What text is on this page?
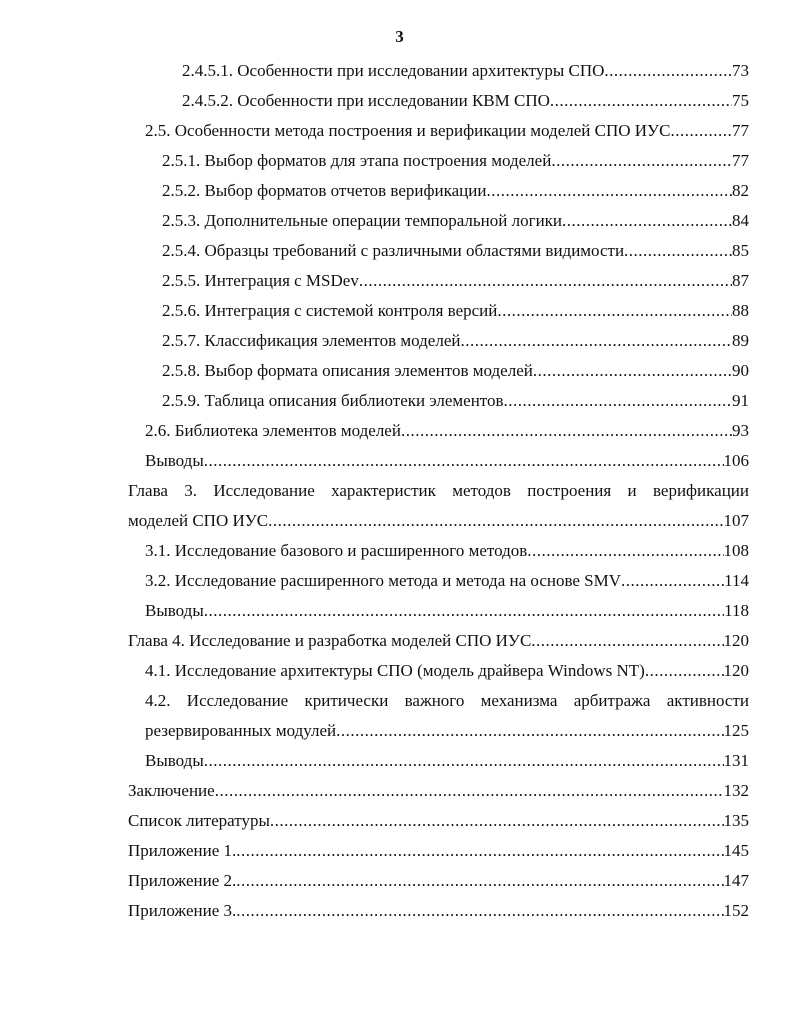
3
2.4.5.1. Особенности при исследовании архитектуры СПО .....	73
2.4.5.2. Особенности при исследовании КВМ СПО .....	75
2.5. Особенности метода построения и верификации моделей СПО ИУС .....	77
2.5.1. Выбор форматов для этапа построения моделей .....	77
2.5.2. Выбор форматов отчетов верификации .....	82
2.5.3. Дополнительные операции темпоральной логики .....	84
2.5.4. Образцы требований с различными областями видимости .....	85
2.5.5. Интеграция с MSDev .....	87
2.5.6. Интеграция с системой контроля версий .....	88
2.5.7. Классификация элементов моделей .....	89
2.5.8. Выбор формата описания элементов моделей .....	90
2.5.9. Таблица описания библиотеки элементов .....	91
2.6. Библиотека элементов моделей .....	93
Выводы .....	106
Глава 3. Исследование характеристик методов построения и верификации
моделей СПО ИУС .....	107
3.1. Исследование базового и расширенного методов .....	108
3.2. Исследование расширенного метода и метода на основе SMV .....	114
Выводы .....	118
Глава 4. Исследование и разработка моделей СПО ИУС .....	120
4.1. Исследование архитектуры СПО (модель драйвера Windows NT) .....	120
4.2. Исследование критически важного механизма арбитража активности
резервированных модулей .....	125
Выводы .....	131
Заключение .....	132
Список литературы .....	135
Приложение 1. .....	145
Приложение 2. .....	147
Приложение 3. .....	152
